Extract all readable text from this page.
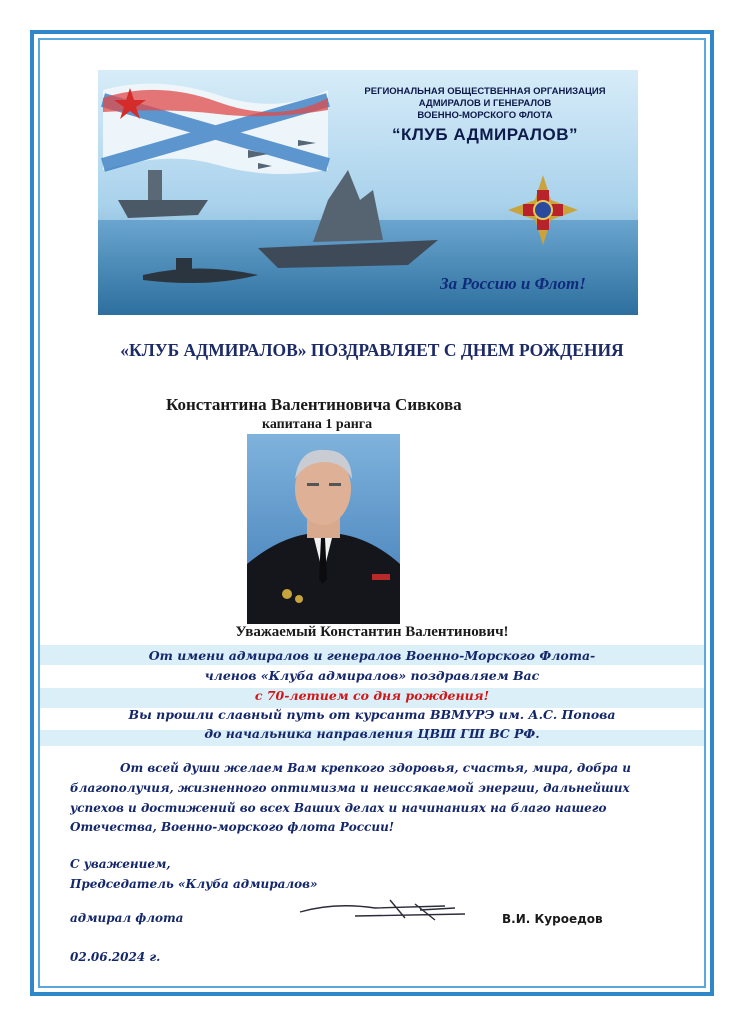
РЕГИОНАЛЬНАЯ ОБЩЕСТВЕННАЯ ОРГАНИЗАЦИЯ
АДМИРАЛОВ И ГЕНЕРАЛОВ
ВОЕННО-МОРСКОГО ФЛОТА
“КЛУБ АДМИРАЛОВ”
За Россию и Флот!
«КЛУБ АДМИРАЛОВ» ПОЗДРАВЛЯЕТ С ДНЕМ РОЖДЕНИЯ
Константина Валентиновича Сивкова
капитана 1 ранга
Уважаемый Константин Валентинович!
От имени адмиралов и генералов Военно-Морского Флота-
членов «Клуба адмиралов» поздравляем Вас
с 70-летием со дня рождения!
Вы прошли славный путь от курсанта ВВМУРЭ им. А.С. Попова
до начальника направления ЦВШ ГШ ВС РФ.
От всей души желаем Вам крепкого здоровья, счастья, мира, добра и
благополучия, жизненного оптимизма и неиссякаемой энергии, дальнейших
успехов и достижений во всех Ваших делах и начинаниях на благо нашего
Отечества, Военно-морского флота России!
С уважением,
Председатель «Клуба адмиралов»
адмирал флота	В.И. Куроедов
02.06.2024 г.
